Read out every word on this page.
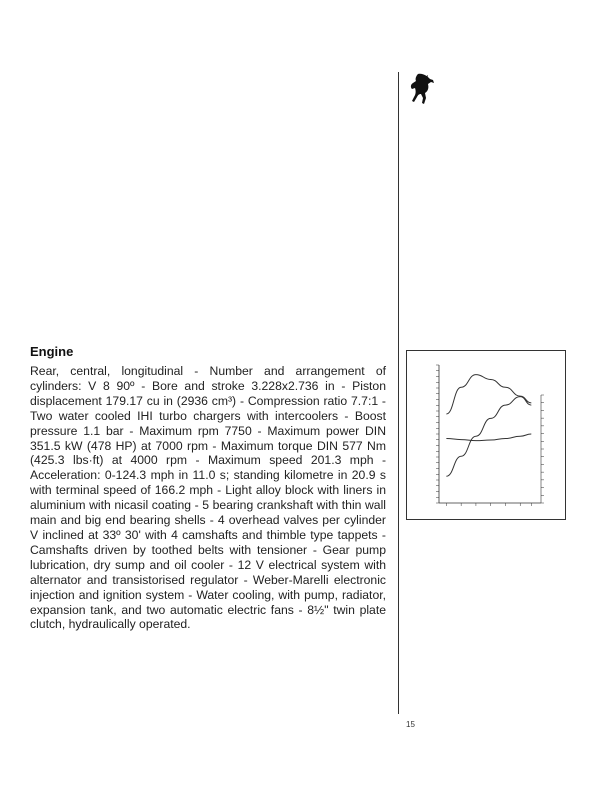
Engine
Rear, central, longitudinal - Number and arrangement of cylinders: V 8 90º - Bore and stroke 3.228x2.736 in - Piston displacement 179.17 cu in (2936 cm³) - Compression ratio 7.7:1 - Two water cooled IHI turbo chargers with intercoolers - Boost pressure 1.1 bar - Maximum rpm 7750 - Maximum power DIN 351.5 kW (478 HP) at 7000 rpm - Maximum torque DIN 577 Nm (425.3 lbs·ft) at 4000 rpm - Maximum speed 201.3 mph - Acceleration: 0-124.3 mph in 11.0 s; standing kilometre in 20.9 s with terminal speed of 166.2 mph - Light alloy block with liners in aluminium with nicasil coating - 5 bearing crankshaft with thin wall main and big end bearing shells - 4 overhead valves per cylinder V inclined at 33º 30' with 4 camshafts and thimble type tappets - Camshafts driven by toothed belts with tensioner - Gear pump lubrication, dry sump and oil cooler - 12 V electrical system with alternator and transistorised regulator - Weber-Marelli electronic injection and ignition system - Water cooling, with pump, radiator, expansion tank, and two automatic electric fans - 8½" twin plate clutch, hydraulically operated.
15
